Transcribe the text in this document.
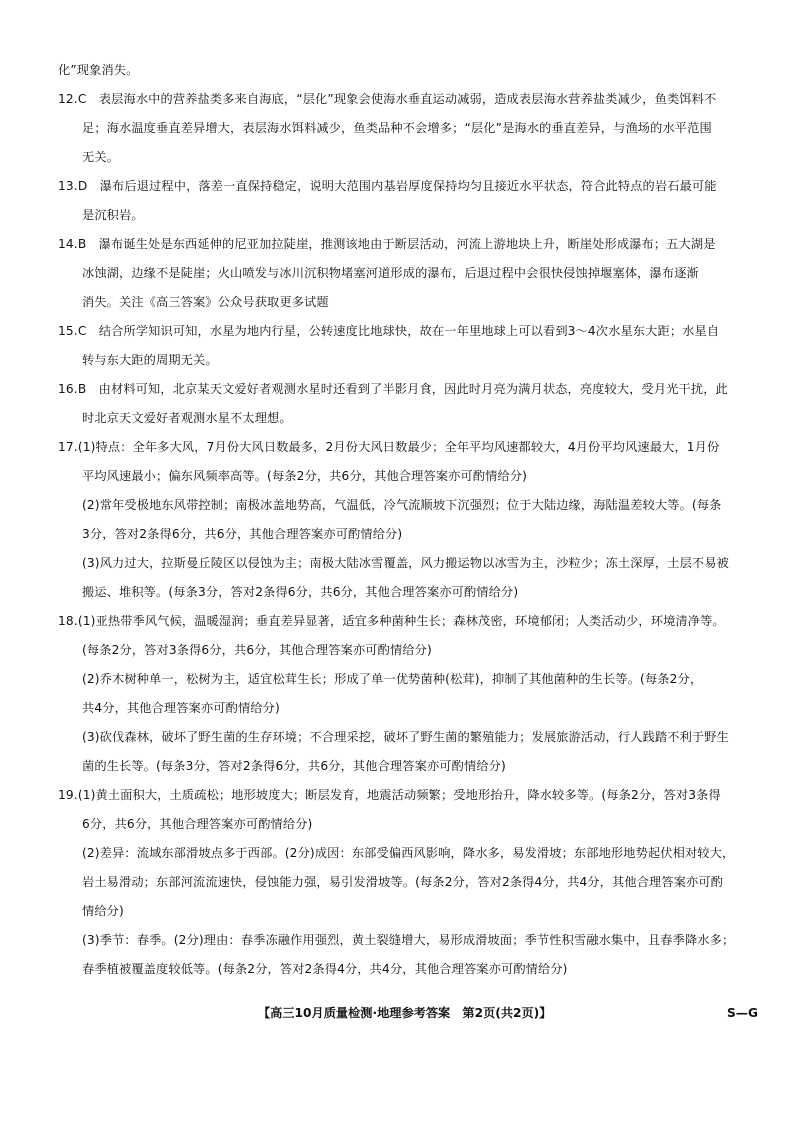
化”现象消失。
12.C　表层海水中的营养盐类多来自海底，“层化”现象会使海水垂直运动减弱，造成表层海水营养盐类减少，鱼类饵料不
足；海水温度垂直差异增大，表层海水饵料减少，鱼类品种不会增多；“层化”是海水的垂直差异，与渔场的水平范围
无关。
13.D　瀑布后退过程中，落差一直保持稳定，说明大范围内基岩厚度保持均匀且接近水平状态，符合此特点的岩石最可能
是沉积岩。
14.B　瀑布诞生处是东西延伸的尼亚加拉陡崖，推测该地由于断层活动，河流上游地块上升，断崖处形成瀑布；五大湖是
冰蚀湖，边缘不是陡崖；火山喷发与冰川沉积物堵塞河道形成的瀑布，后退过程中会很快侵蚀掉堰塞体，瀑布逐渐
消失。关注《高三答案》公众号获取更多试题
15.C　结合所学知识可知，水星为地内行星，公转速度比地球快，故在一年里地球上可以看到3～4次水星东大距；水星自
转与东大距的周期无关。
16.B　由材料可知，北京某天文爱好者观测水星时还看到了半影月食，因此时月亮为满月状态，亮度较大，受月光干扰，此
时北京天文爱好者观测水星不太理想。
17.(1)特点：全年多大风，7月份大风日数最多，2月份大风日数最少；全年平均风速都较大，4月份平均风速最大，1月份
平均风速最小；偏东风频率高等。(每条2分，共6分，其他合理答案亦可酌情给分)
(2)常年受极地东风带控制；南极冰盖地势高，气温低，冷气流顺坡下沉强烈；位于大陆边缘，海陆温差较大等。(每条
3分，答对2条得6分，共6分，其他合理答案亦可酌情给分)
(3)风力过大，拉斯曼丘陵区以侵蚀为主；南极大陆冰雪覆盖，风力搬运物以冰雪为主，沙粒少；冻土深厚，土层不易被
搬运、堆积等。(每条3分，答对2条得6分，共6分，其他合理答案亦可酌情给分)
18.(1)亚热带季风气候，温暖湿润；垂直差异显著，适宜多种菌种生长；森林茂密，环境郁闭；人类活动少，环境清净等。
(每条2分，答对3条得6分，共6分，其他合理答案亦可酌情给分)
(2)乔木树种单一，松树为主，适宜松茸生长；形成了单一优势菌种(松茸)，抑制了其他菌种的生长等。(每条2分，
共4分，其他合理答案亦可酌情给分)
(3)砍伐森林，破坏了野生菌的生存环境；不合理采挖，破坏了野生菌的繁殖能力；发展旅游活动，行人践踏不利于野生
菌的生长等。(每条3分，答对2条得6分，共6分，其他合理答案亦可酌情给分)
19.(1)黄土面积大，土质疏松；地形坡度大；断层发育，地震活动频繁；受地形抬升，降水较多等。(每条2分，答对3条得
6分，共6分，其他合理答案亦可酌情给分)
(2)差异：流域东部滑坡点多于西部。(2分)成因：东部受偏西风影响，降水多，易发滑坡；东部地形地势起伏相对较大，
岩土易滑动；东部河流流速快，侵蚀能力强，易引发滑坡等。(每条2分，答对2条得4分，共4分，其他合理答案亦可酌
情给分)
(3)季节：春季。(2分)理由：春季冻融作用强烈，黄土裂缝增大，易形成滑坡面；季节性积雪融水集中，且春季降水多；
春季植被覆盖度较低等。(每条2分，答对2条得4分，共4分，其他合理答案亦可酌情给分)
【高三10月质量检测·地理参考答案　第2页(共2页)】	S—G
